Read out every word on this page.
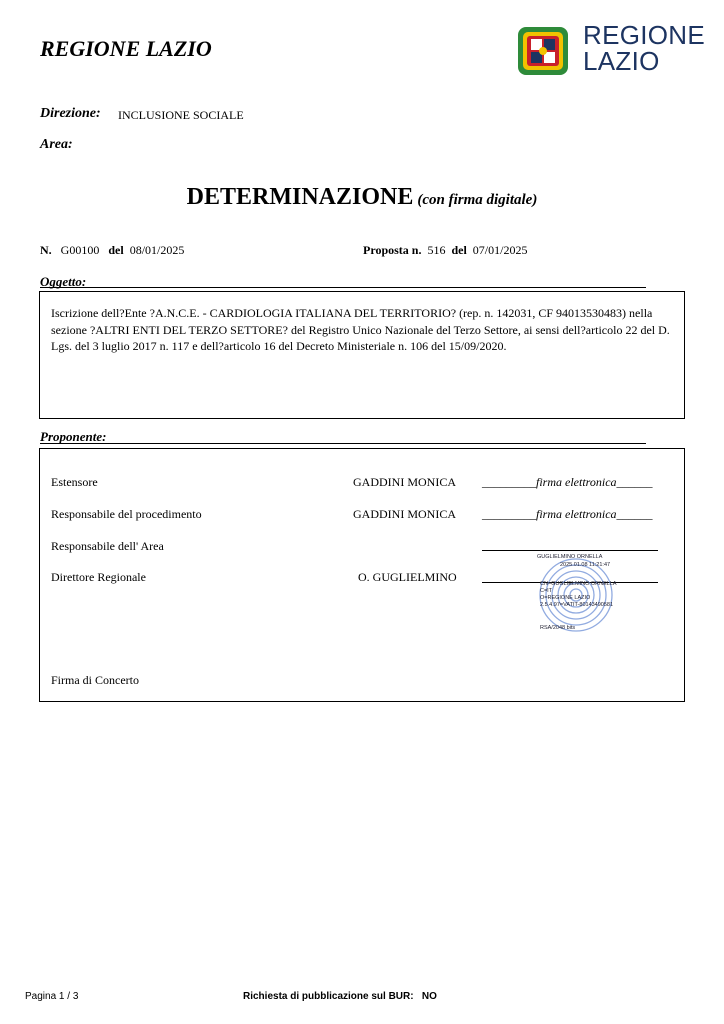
REGIONE LAZIO	REGIONE
LAZIO
Direzione: INCLUSIONE SOCIALE
Area:
DETERMINAZIONE (con firma digitale)
N. G00100 del 08/01/2025	Proposta n. 516 del 07/01/2025
Oggetto:
Iscrizione dell?Ente ?A.N.C.E. - CARDIOLOGIA ITALIANA DEL TERRITORIO? (rep. n. 142031, CF 94013530483) nella sezione ?ALTRI ENTI DEL TERZO SETTORE? del Registro Unico Nazionale del Terzo Settore, ai sensi dell?articolo 22 del D. Lgs. del 3 luglio 2017 n. 117 e dell?articolo 16 del Decreto Ministeriale n. 106 del 15/09/2020.
Proponente:
Estensore	GADDINI MONICA _________firma elettronica______
Responsabile del procedimento	GADDINI MONICA _________firma elettronica______
Responsabile dell' Area
Direttore Regionale	O. GUGLIELMINO
GUGLIELMINO ORNELLA
2025.01.08 11:21:47
CN=GUGLIELMINO ORNELLA
C=IT
O=REGIONE LAZIO
2.5.4.97=VATIT-80143490581
RSA/2048 bits
Firma di Concerto
Pagina 1 / 3	Richiesta di pubblicazione sul BUR: NO
